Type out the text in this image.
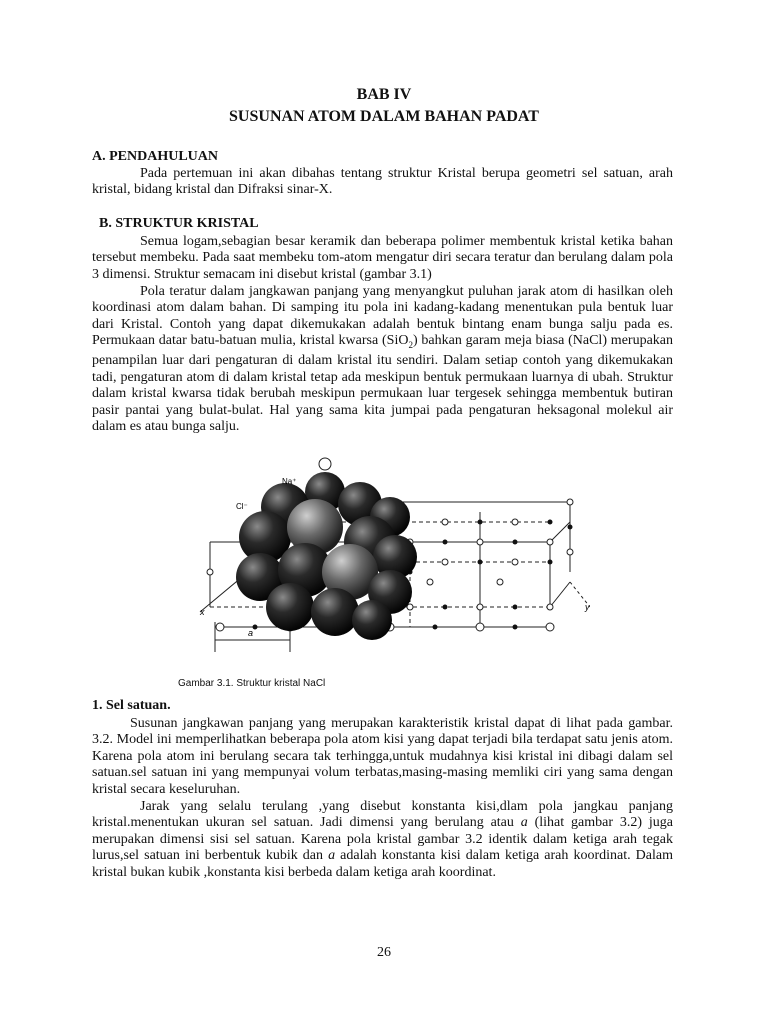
BAB IV
SUSUNAN ATOM DALAM BAHAN PADAT
A. PENDAHULUAN
Pada pertemuan ini akan dibahas tentang struktur Kristal berupa geometri sel satuan, arah kristal, bidang kristal dan Difraksi sinar-X.
B. STRUKTUR KRISTAL
Semua logam,sebagian besar keramik dan beberapa polimer membentuk kristal ketika bahan tersebut membeku. Pada saat membeku tom-atom mengatur diri secara teratur dan berulang dalam pola 3 dimensi. Struktur semacam ini disebut kristal (gambar 3.1)
Pola teratur dalam jangkawan panjang yang menyangkut puluhan jarak atom di hasilkan oleh koordinasi atom dalam bahan. Di samping itu pola ini kadang-kadang menentukan pula bentuk luar dari Kristal. Contoh yang dapat dikemukakan adalah bentuk bintang enam bunga salju pada es. Permukaan datar batu-batuan mulia, kristal kwarsa (SiO$_2$) bahkan garam meja biasa (NaCl) merupakan penampilan luar dari pengaturan di dalam kristal itu sendiri. Dalam setiap contoh yang dikemukakan tadi, pengaturan atom di dalam kristal tetap ada meskipun bentuk permukaan luarnya di ubah. Struktur dalam kristal kwarsa tidak berubah meskipun permukaan luar tergesek sehingga membentuk butiran pasir pantai yang bulat-bulat. Hal yang sama kita jumpai pada pengaturan heksagonal molekul air dalam es atau bunga salju.
Na⁺
Cl⁻
x	y
a
Gambar 3.1. Struktur kristal NaCl
1. Sel satuan.
Susunan jangkawan panjang yang merupakan karakteristik kristal dapat di lihat pada gambar. 3.2. Model ini memperlihatkan beberapa pola atom kisi yang dapat terjadi bila terdapat satu jenis atom. Karena pola atom ini berulang secara tak terhingga,untuk mudahnya kisi kristal ini dibagi dalam sel satuan.sel satuan ini yang mempunyai volum terbatas,masing-masing memliki ciri yang sama dengan kristal secara keseluruhan.
Jarak yang selalu terulang ,yang disebut konstanta kisi,dlam pola jangkau panjang kristal.menentukan ukuran sel satuan. Jadi dimensi yang berulang atau a (lihat gambar 3.2) juga merupakan dimensi sisi sel satuan. Karena pola kristal gambar 3.2 identik dalam ketiga arah tegak lurus,sel satuan ini berbentuk kubik dan a adalah konstanta kisi dalam ketiga arah koordinat. Dalam kristal bukan kubik ,konstanta kisi berbeda dalam ketiga arah koordinat.
26
